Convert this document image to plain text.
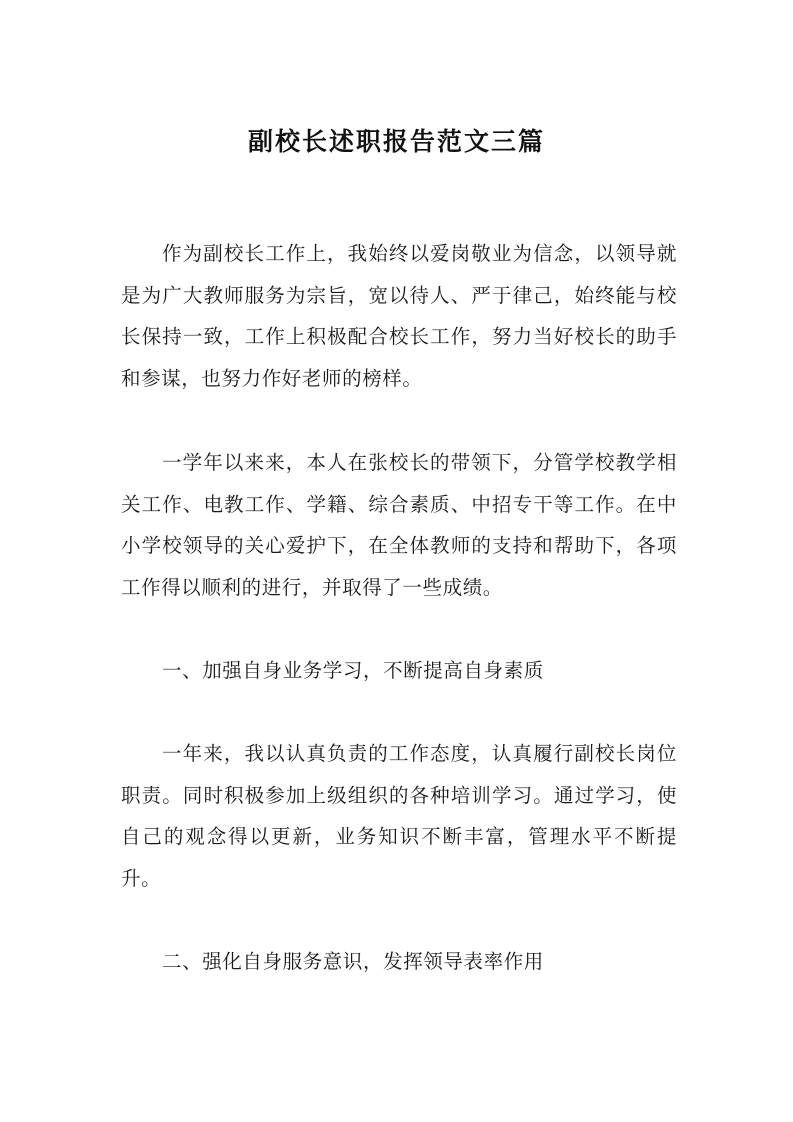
副校长述职报告范文三篇

作为副校长工作上，我始终以爱岗敬业为信念，以领导就是为广大教师服务为宗旨，宽以待人、严于律己，始终能与校长保持一致，工作上积极配合校长工作，努力当好校长的助手和参谋，也努力作好老师的榜样。

一学年以来来，本人在张校长的带领下，分管学校教学相关工作、电教工作、学籍、综合素质、中招专干等工作。在中小学校领导的关心爱护下，在全体教师的支持和帮助下，各项工作得以顺利的进行，并取得了一些成绩。

一、加强自身业务学习，不断提高自身素质

一年来，我以认真负责的工作态度，认真履行副校长岗位职责。同时积极参加上级组织的各种培训学习。通过学习，使自己的观念得以更新，业务知识不断丰富，管理水平不断提升。

二、强化自身服务意识，发挥领导表率作用
